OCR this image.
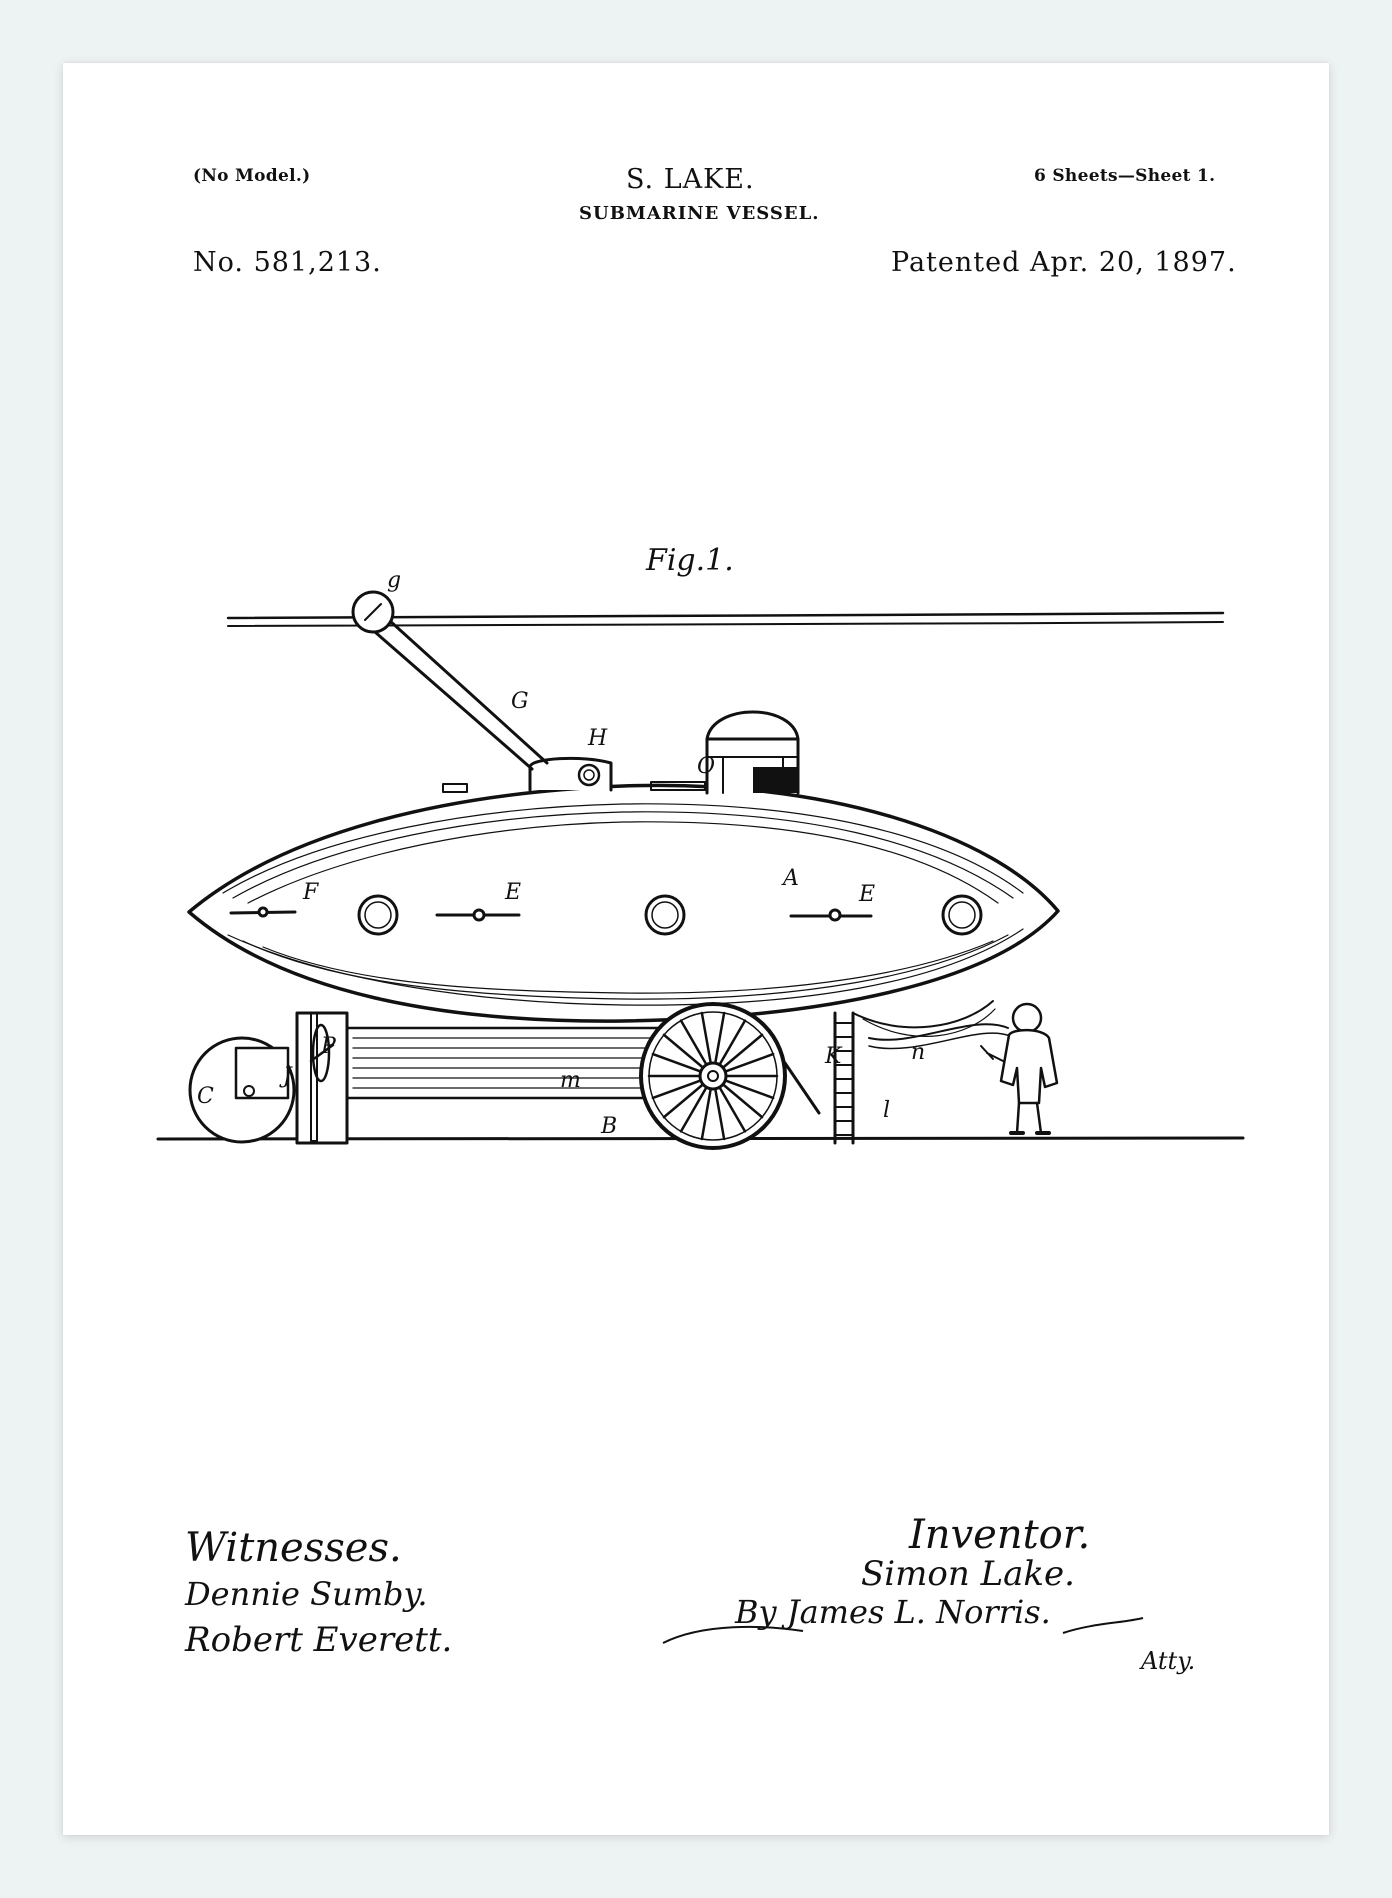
(No Model.)	S. LAKE.	6 Sheets—Sheet 1.
SUBMARINE VESSEL.
No. 581,213.	Patented Apr. 20, 1897.
Fig.1.
g
G
H
O I
A
F	E	E
P
J
C
m
B
K
l
n
Witnesses.
Dennie Sumby.
Robert Everett.
Inventor.
Simon Lake.
By James L. Norris.
Atty.
